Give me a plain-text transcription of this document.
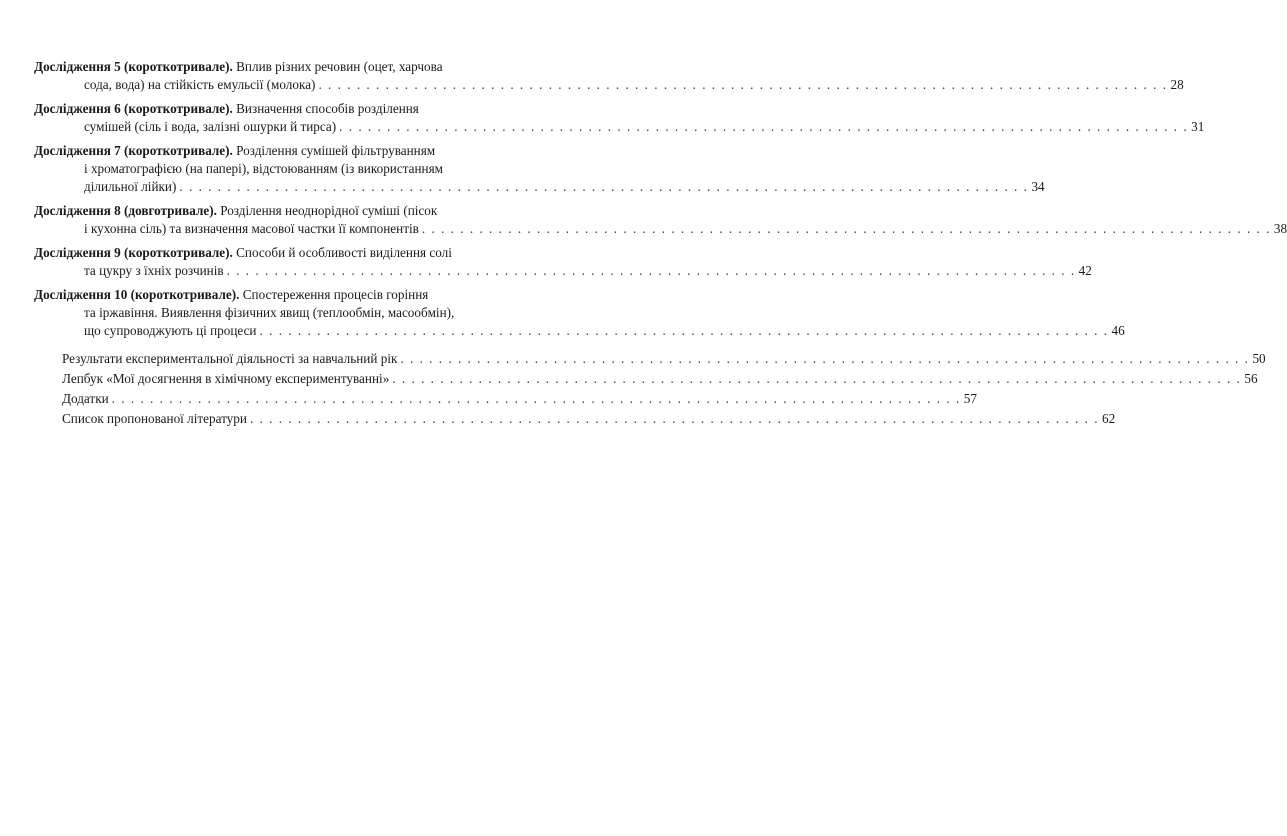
Дослідження 5 (короткотривале). Вплив різних речовин (оцет, харчова
сода, вода) на стійкість емульсії (молока) . . .	28
Дослідження 6 (короткотривале). Визначення способів розділення
сумішей (сіль і вода, залізні ошурки й тирса) . . .	31
Дослідження 7 (короткотривале). Розділення сумішей фільтруванням
і хроматографією (на папері), відстоюванням (із використанням
ділильної лійки) . . .	34
Дослідження 8 (довготривале). Розділення неоднорідної суміші (пісок
і кухонна сіль) та визначення масової частки її компонентів . . .	38
Дослідження 9 (короткотривале). Способи й особливості виділення солі
та цукру з їхніх розчинів . . .	42
Дослідження 10 (короткотривале). Спостереження процесів горіння
та іржавіння. Виявлення фізичних явищ (теплообмін, масообмін),
що супроводжують ці процеси . . .	46
Результати експериментальної діяльності за навчальний рік . . .	50
Лепбук «Мої досягнення в хімічному експериментуванні» . . .	56
Додатки . . .	57
Список пропонованої літератури . . .	62
